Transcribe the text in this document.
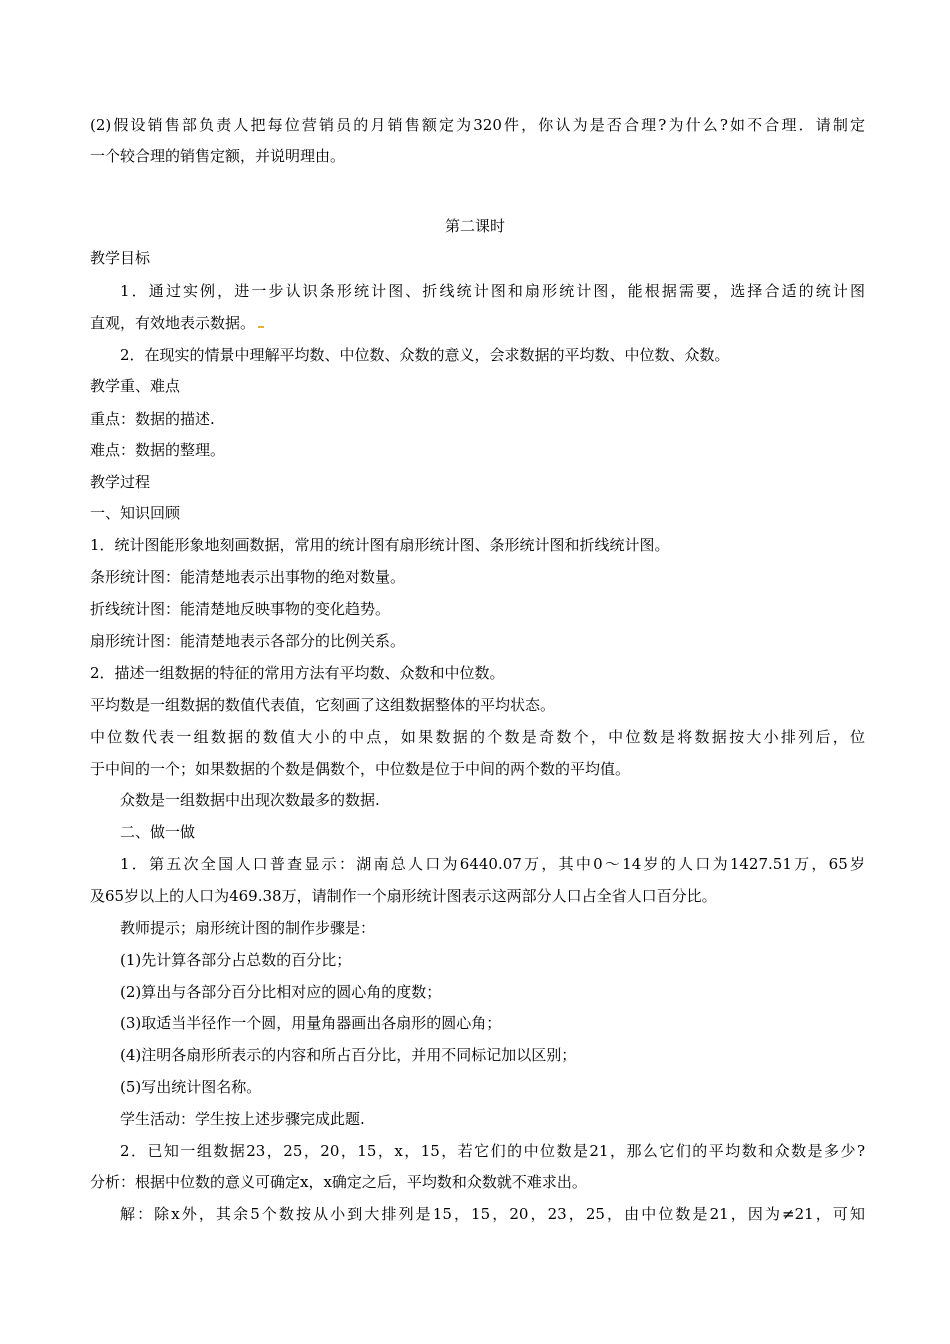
(2)假设销售部负责人把每位营销员的月销售额定为320件，你认为是否合理?为什么?如不合理．请制定
一个较合理的销售定额，并说明理由。
第二课时
教学目标
1．通过实例，进一步认识条形统计图、折线统计图和扇形统计图，能根据需要，选择合适的统计图
直观，有效地表示数据。
2．在现实的情景中理解平均数、中位数、众数的意义，会求数据的平均数、中位数、众数。
教学重、难点
重点：数据的描述.
难点：数据的整理。
教学过程
一、知识回顾
1．统计图能形象地刻画数据，常用的统计图有扇形统计图、条形统计图和折线统计图。
条形统计图：能清楚地表示出事物的绝对数量。
折线统计图：能清楚地反映事物的变化趋势。
扇形统计图：能清楚地表示各部分的比例关系。
2．描述一组数据的特征的常用方法有平均数、众数和中位数。
平均数是一组数据的数值代表值，它刻画了这组数据整体的平均状态。
中位数代表一组数据的数值大小的中点，如果数据的个数是奇数个，中位数是将数据按大小排列后，位
于中间的一个；如果数据的个数是偶数个，中位数是位于中间的两个数的平均值。
众数是一组数据中出现次数最多的数据.
二、做一做
1．第五次全国人口普查显示：湖南总人口为6440.07万，其中0～14岁的人口为1427.51万，65岁
及65岁以上的人口为469.38万，请制作一个扇形统计图表示这两部分人口占全省人口百分比。
教师提示；扇形统计图的制作步骤是：
(1)先计算各部分占总数的百分比；
(2)算出与各部分百分比相对应的圆心角的度数；
(3)取适当半径作一个圆，用量角器画出各扇形的圆心角；
(4)注明各扇形所表示的内容和所占百分比，并用不同标记加以区别；
(5)写出统计图名称。
学生活动：学生按上述步骤完成此题.
2．已知一组数据23，25，20，15，x，15，若它们的中位数是21，那么它们的平均数和众数是多少?
分析：根据中位数的意义可确定x，x确定之后，平均数和众数就不难求出。
解：除x外，其余5个数按从小到大排列是15，15，20，23，25，由中位数是21，因为≠21，可知
